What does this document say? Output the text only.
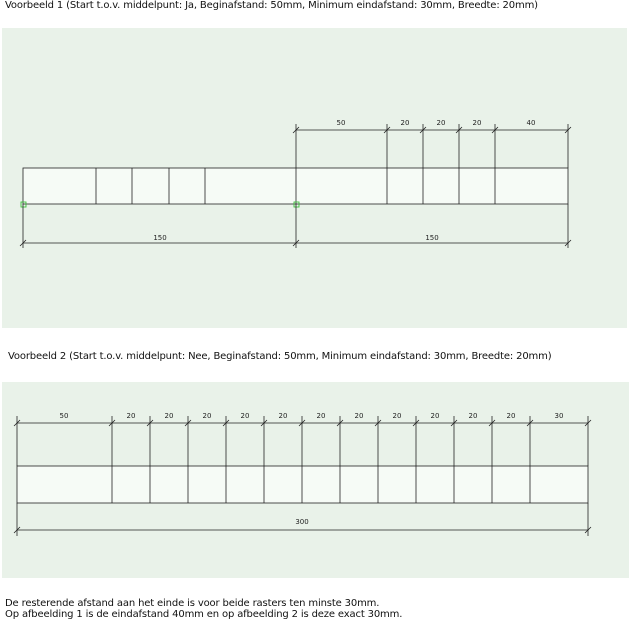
Voorbeeld 1 (Start t.o.v. middelpunt: Ja, Beginafstand: 50mm, Minimum eindafstand: 30mm, Breedte: 20mm)
50	20	20	20	40
150	150
Voorbeeld 2 (Start t.o.v. middelpunt: Nee, Beginafstand: 50mm, Minimum eindafstand: 30mm, Breedte: 20mm)
50	20	20	20	20	20	20	20	20	20	20	20	30
300
De resterende afstand aan het einde is voor beide rasters ten minste 30mm.
Op afbeelding 1 is de eindafstand 40mm en op afbeelding 2 is deze exact 30mm.
